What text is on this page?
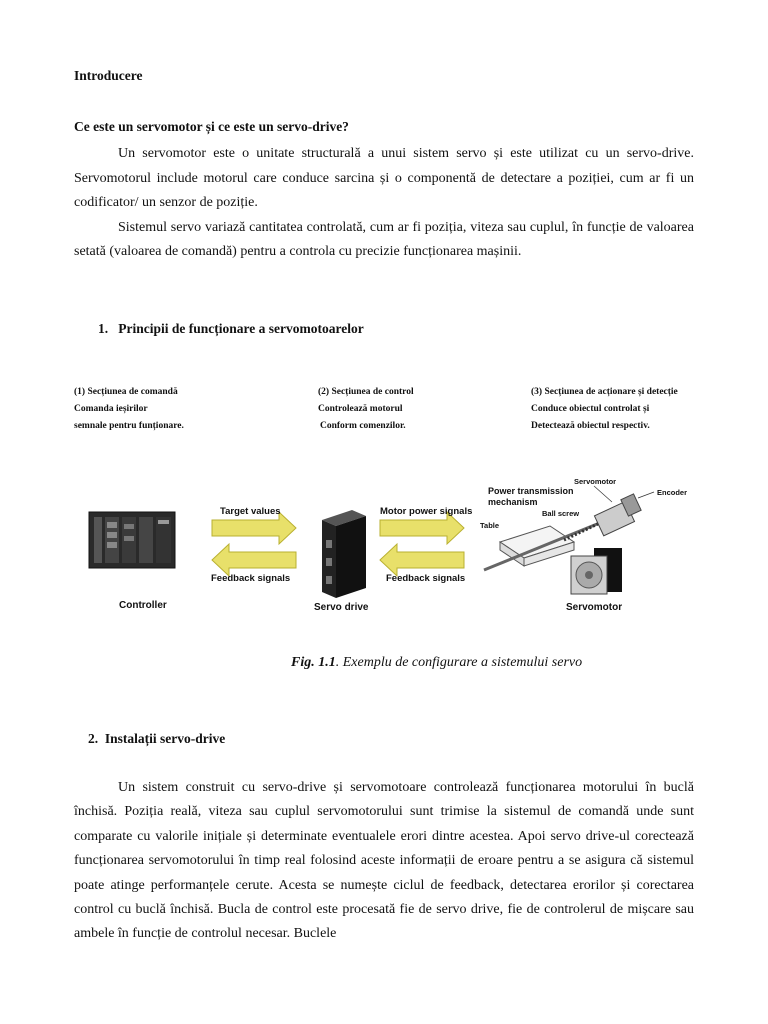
Introducere
Ce este un servomotor și ce este un servo-drive?

Un servomotor este o unitate structurală a unui sistem servo și este utilizat cu un servo-drive. Servomotorul include motorul care conduce sarcina și o componentă de detectare a poziției, cum ar fi un codificator/ un senzor de poziție.

Sistemul servo variază cantitatea controlată, cum ar fi poziția, viteza sau cuplul, în funcție de valoarea setată (valoarea de comandă) pentru a controla cu precizie funcționarea mașinii.

1.   Principii de funcționare a servomotoarelor
(1) Secțiunea de comandă
Comanda ieșirilor
semnale pentru funționare.
(2) Secțiunea de control
Controlează motorul
Conform comenzilor.
(3) Secțiunea de acționare și detecție
Conduce obiectul controlat și
Detectează obiectul respectiv.
Controller
Target values
Feedback signals
Servo drive
Motor power signals
Feedback signals
Power transmission
mechanism
Ball screw
Table
Servomotor
Encoder
Servomotor
Fig. 1.1. Exemplu de configurare a sistemului servo
2.  Instalații servo-drive

Un sistem construit cu servo-drive și servomotoare controlează funcționarea motorului în buclă închisă. Poziția reală, viteza sau cuplul servomotorului sunt trimise la sistemul de comandă unde sunt comparate cu valorile inițiale și determinate eventualele erori dintre acestea. Apoi servo drive-ul corectează funcționarea servomotorului în timp real folosind aceste informații de eroare pentru a se asigura că sistemul poate atinge performanțele cerute. Acesta se numește ciclul de feedback, detectarea erorilor și corectarea control cu buclă închisă. Bucla de control este procesată fie de servo drive, fie de controlerul de mișcare sau ambele în funcție de controlul necesar. Buclele
